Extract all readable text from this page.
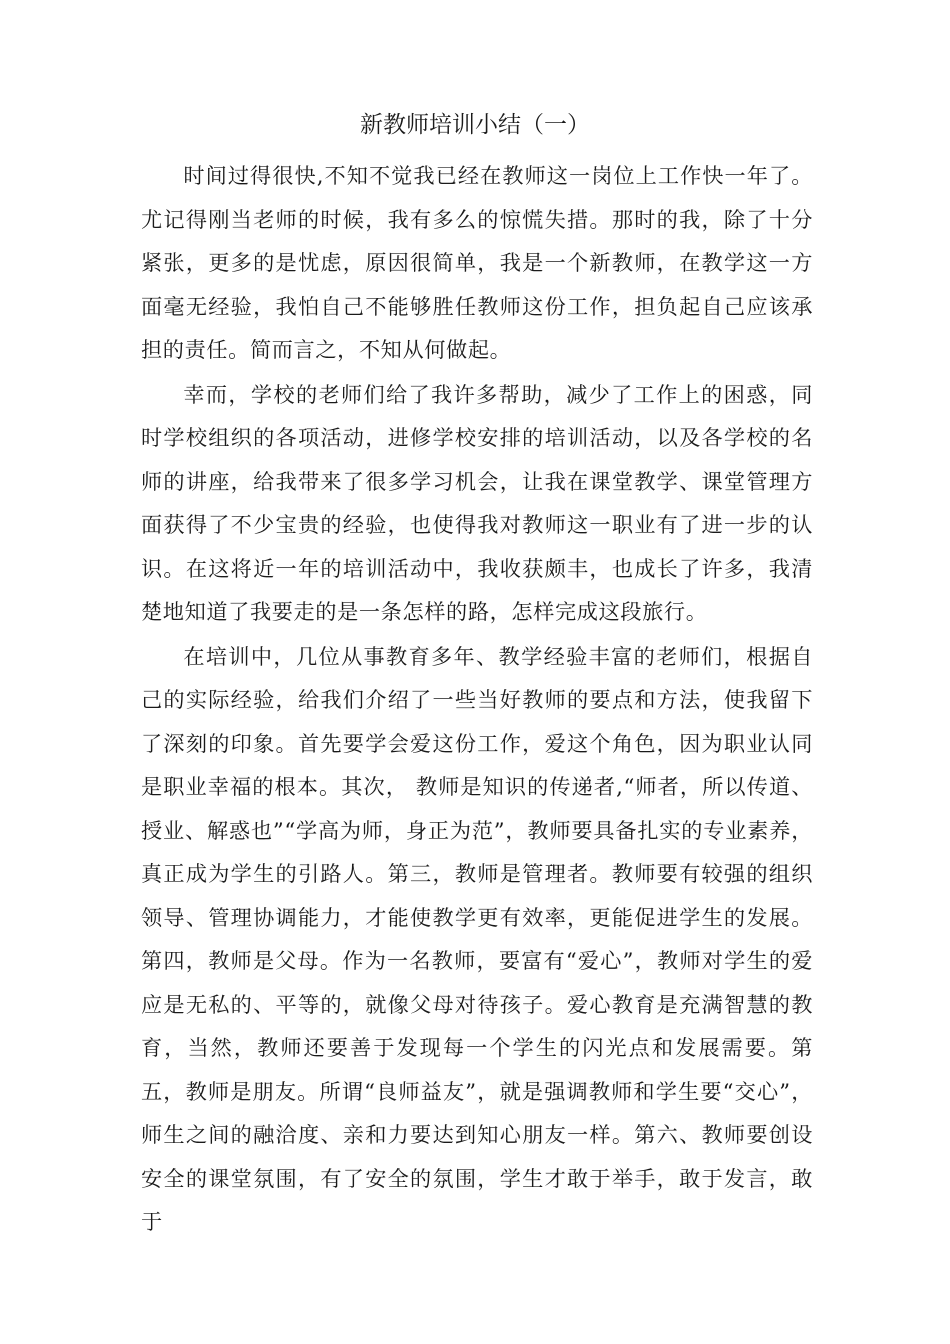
新教师培训小结（一）

时间过得很快,不知不觉我已经在教师这一岗位上工作快一年了。尤记得刚当老师的时候，我有多么的惊慌失措。那时的我，除了十分紧张，更多的是忧虑，原因很简单，我是一个新教师，在教学这一方面毫无经验，我怕自己不能够胜任教师这份工作，担负起自己应该承担的责任。简而言之，不知从何做起。

幸而，学校的老师们给了我许多帮助，减少了工作上的困惑，同时学校组织的各项活动，进修学校安排的培训活动，以及各学校的名师的讲座，给我带来了很多学习机会，让我在课堂教学、课堂管理方面获得了不少宝贵的经验，也使得我对教师这一职业有了进一步的认识。在这将近一年的培训活动中，我收获颇丰，也成长了许多，我清楚地知道了我要走的是一条怎样的路，怎样完成这段旅行。

在培训中，几位从事教育多年、教学经验丰富的老师们，根据自己的实际经验，给我们介绍了一些当好教师的要点和方法，使我留下了深刻的印象。首先要学会爱这份工作，爱这个角色，因为职业认同是职业幸福的根本。其次， 教师是知识的传递者,“师者，所以传道、授业、解惑也”“学高为师，身正为范”，教师要具备扎实的专业素养，真正成为学生的引路人。第三，教师是管理者。教师要有较强的组织领导、管理协调能力，才能使教学更有效率，更能促进学生的发展。第四，教师是父母。作为一名教师，要富有“爱心”，教师对学生的爱应是无私的、平等的，就像父母对待孩子。爱心教育是充满智慧的教育，当然，教师还要善于发现每一个学生的闪光点和发展需要。第五，教师是朋友。所谓“良师益友”，就是强调教师和学生要“交心”，师生之间的融洽度、亲和力要达到知心朋友一样。第六、教师要创设安全的课堂氛围，有了安全的氛围，学生才敢于举手，敢于发言，敢于
